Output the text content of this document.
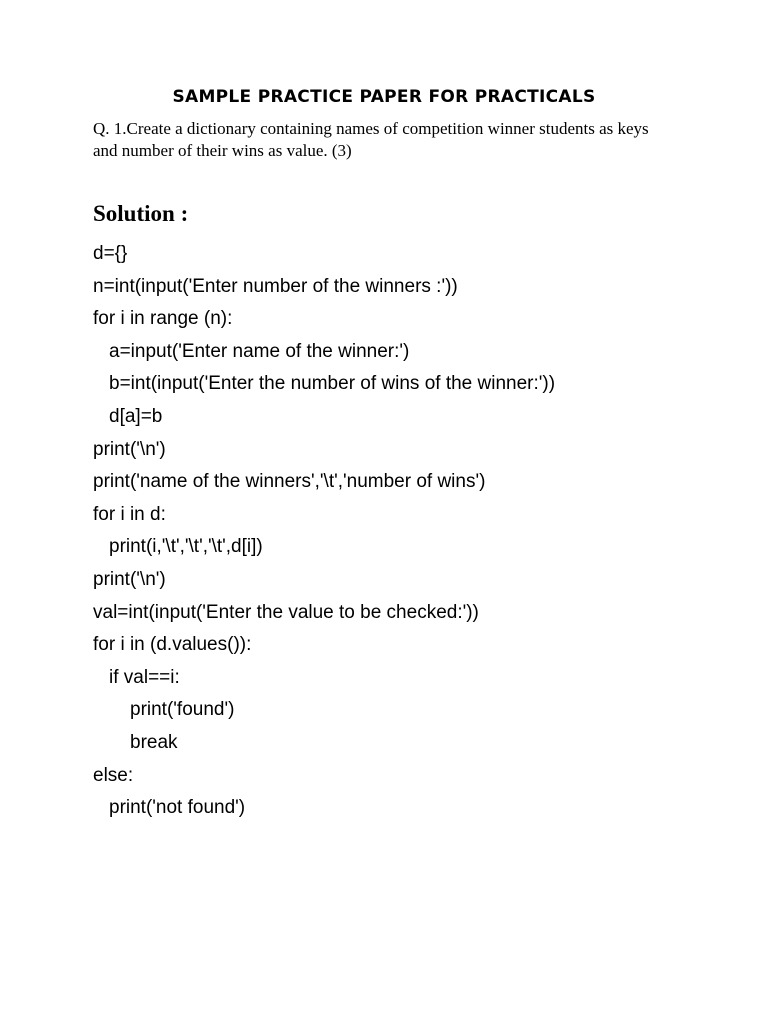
SAMPLE PRACTICE PAPER FOR PRACTICALS

Q. 1.Create a dictionary containing names of competition winner students as keys and number of their wins as value. (3)

Solution :
d={}
n=int(input('Enter number of the winners :'))
for i in range (n):
a=input('Enter name of the winner:')
b=int(input('Enter the number of wins of the winner:'))
d[a]=b
print('\n')
print('name of the winners','\t','number of wins')
for i in d:
print(i,'\t','\t','\t',d[i])
print('\n')
val=int(input('Enter the value to be checked:'))
for i in (d.values()):
if val==i:
print('found')
break
else:
print('not found')
